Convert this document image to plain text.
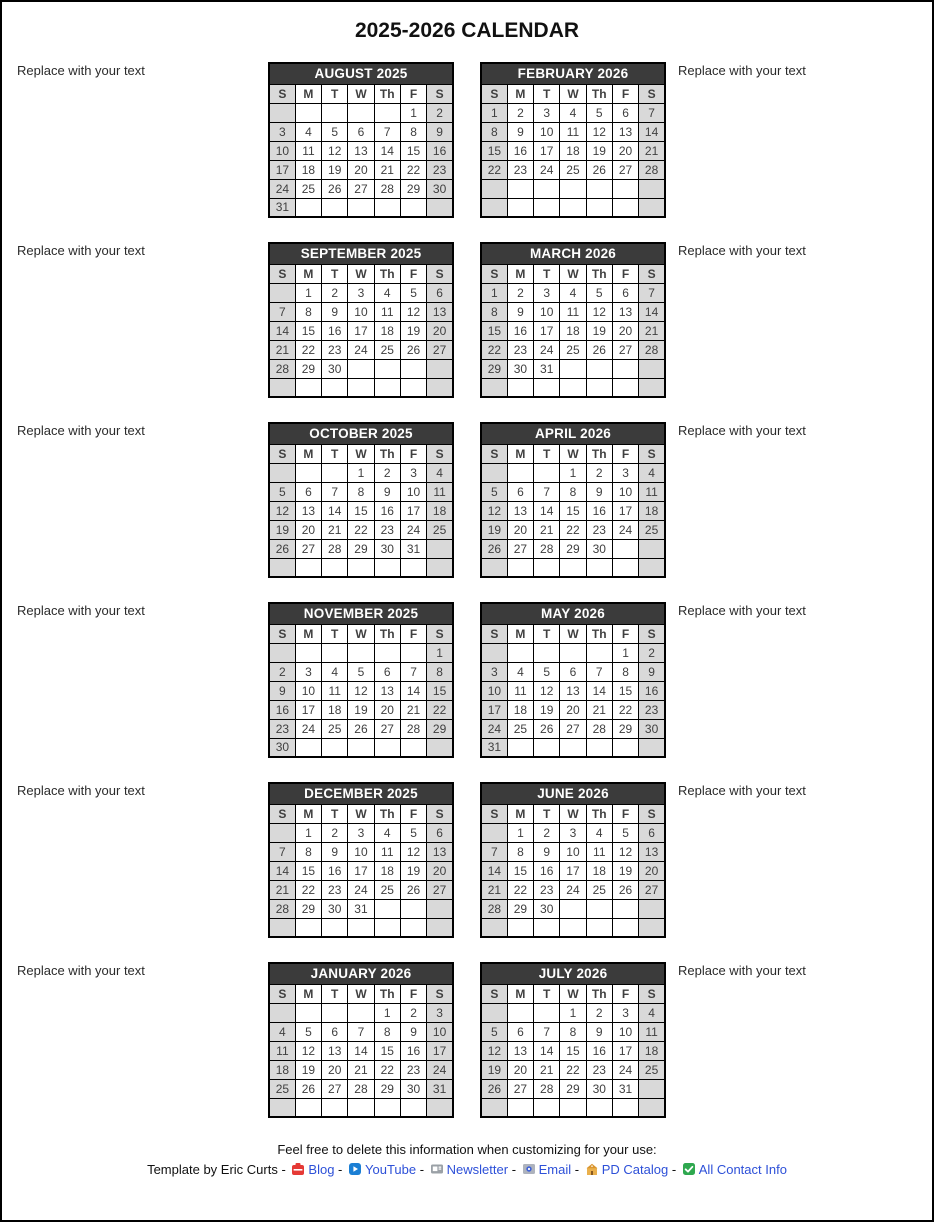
2025-2026 CALENDAR
Replace with your text	AUGUST 2025						
S	M	T	W	Th	F	S
					1	2
3	4	5	6	7	8	9
10	11	12	13	14	15	16
17	18	19	20	21	22	23
24	25	26	27	28	29	30
31						
FEBRUARY 2026						
S	M	T	W	Th	F	S
1	2	3	4	5	6	7
8	9	10	11	12	13	14
15	16	17	18	19	20	21
22	23	24	25	26	27	28

Replace with your text
Replace with your text	SEPTEMBER 2025						
S	M	T	W	Th	F	S
	1	2	3	4	5	6
7	8	9	10	11	12	13
14	15	16	17	18	19	20
21	22	23	24	25	26	27
28	29	30				

MARCH 2026						
S	M	T	W	Th	F	S
1	2	3	4	5	6	7
8	9	10	11	12	13	14
15	16	17	18	19	20	21
22	23	24	25	26	27	28
29	30	31				

Replace with your text
Replace with your text	OCTOBER 2025						
S	M	T	W	Th	F	S
			1	2	3	4
5	6	7	8	9	10	11
12	13	14	15	16	17	18
19	20	21	22	23	24	25
26	27	28	29	30	31	

APRIL 2026						
S	M	T	W	Th	F	S
			1	2	3	4
5	6	7	8	9	10	11
12	13	14	15	16	17	18
19	20	21	22	23	24	25
26	27	28	29	30		

Replace with your text
Replace with your text	NOVEMBER 2025						
S	M	T	W	Th	F	S
						1
2	3	4	5	6	7	8
9	10	11	12	13	14	15
16	17	18	19	20	21	22
23	24	25	26	27	28	29
30						
MAY 2026						
S	M	T	W	Th	F	S
					1	2
3	4	5	6	7	8	9
10	11	12	13	14	15	16
17	18	19	20	21	22	23
24	25	26	27	28	29	30
31						
Replace with your text
Replace with your text	DECEMBER 2025						
S	M	T	W	Th	F	S
	1	2	3	4	5	6
7	8	9	10	11	12	13
14	15	16	17	18	19	20
21	22	23	24	25	26	27
28	29	30	31			

JUNE 2026						
S	M	T	W	Th	F	S
	1	2	3	4	5	6
7	8	9	10	11	12	13
14	15	16	17	18	19	20
21	22	23	24	25	26	27
28	29	30				

Replace with your text
Replace with your text	JANUARY 2026						
S	M	T	W	Th	F	S
				1	2	3
4	5	6	7	8	9	10
11	12	13	14	15	16	17
18	19	20	21	22	23	24
25	26	27	28	29	30	31

JULY 2026						
S	M	T	W	Th	F	S
			1	2	3	4
5	6	7	8	9	10	11
12	13	14	15	16	17	18
19	20	21	22	23	24	25
26	27	28	29	30	31	

Replace with your text
Feel free to delete this information when customizing for your use:
Template by Eric Curts - Blog - YouTube - Newsletter - Email - PD Catalog - All Contact Info
